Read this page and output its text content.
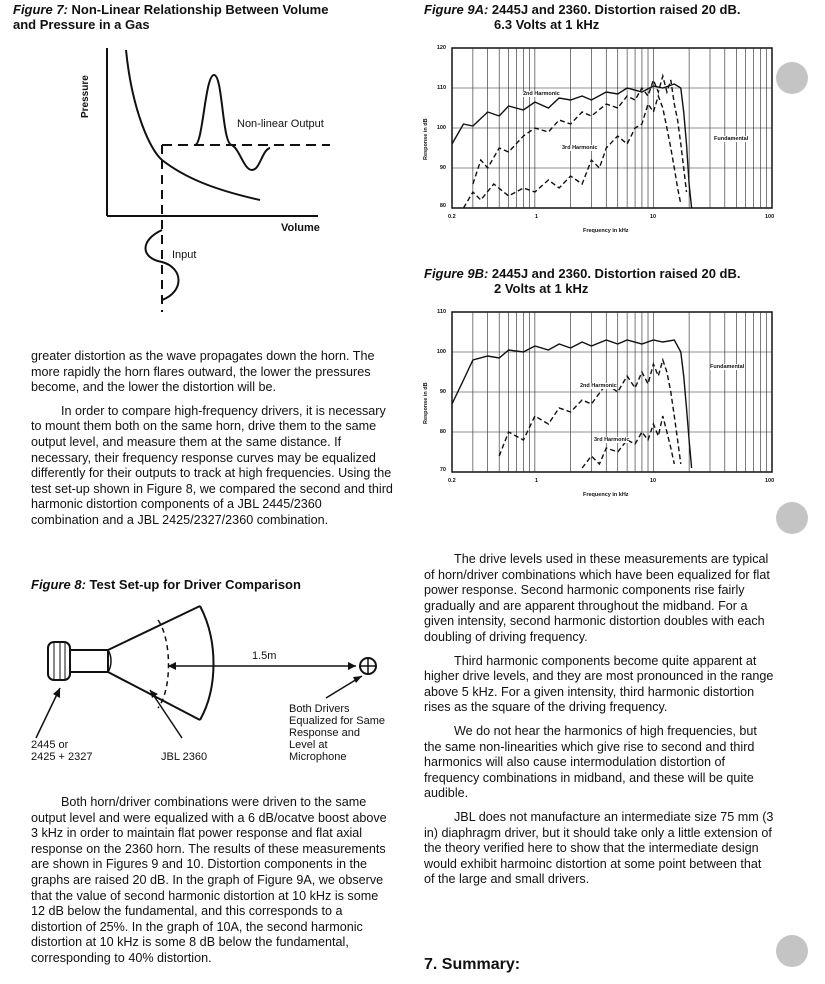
Figure 7: Non-Linear Relationship Between Volume
and Pressure in a Gas
Pressure
Volume
Non-linear Output
Input
Figure 9A: 2445J and 2360. Distortion raised 20 dB.
6.3 Volts at 1 kHz
120
110
100
90
80
0.2	1	10	100
Frequency in kHz
Response in dB
2nd Harmonic
3rd Harmonic
Fundamental
Figure 9B: 2445J and 2360. Distortion raised 20 dB.
2 Volts at 1 kHz
110
100
90
80
70
0.2	1	10	100
Frequency in kHz
Response in dB
Fundamental
2nd Harmonic
3rd Harmonic

greater distortion as the wave propagates down the horn. The more rapidly the horn flares outward, the lower the pressures become, and the lower the distortion will be.

In order to compare high-frequency drivers, it is necessary to mount them both on the same horn, drive them to the same output level, and measure them at the same distance. If necessary, their frequency response curves may be equalized differently for their outputs to track at high frequencies. Using the test set-up shown in Figure 8, we compared the second and third harmonic distortion components of a JBL 2445/2360 combination and a JBL 2425/2327/2360 combination.

Figure 8: Test Set-up for Driver Comparison
1.5m
2445 or
2425 + 2327	JBL 2360
Both Drivers
Equalized for Same
Response and
Level at
Microphone

Both horn/driver combinations were driven to the same output level and were equalized with a 6 dB/ocatve boost above 3 kHz in order to maintain flat power response and flat axial response on the 2360 horn. The results of these measurements are shown in Figures 9 and 10. Distortion components in the graphs are raised 20 dB. In the graph of Figure 9A, we observe that the value of second harmonic distortion at 10 kHz is some 12 dB below the fundamental, and this corresponds to a distortion of 25%. In the graph of 10A, the second harmonic distortion at 10 kHz is some 8 dB below the fundamental, corresponding to 40% distortion.

The drive levels used in these measurements are typical of horn/driver combinations which have been equalized for flat power response. Second harmonic components rise fairly gradually and are apparent throughout the midband. For a given intensity, second harmonic distortion doubles with each doubling of driving frequency.

Third harmonic components become quite apparent at higher drive levels, and they are most pronounced in the range above 5 kHz. For a given intensity, third harmonic distortion rises as the square of the driving frequency.

We do not hear the harmonics of high frequencies, but the same non-linearities which give rise to second and third harmonics will also cause intermodulation distortion of frequency combinations in midband, and these will be quite audible.

JBL does not manufacture an intermediate size 75 mm (3 in) diaphragm driver, but it should take only a little extension of the theory verified here to show that the intermediate design would exhibit harmoinc distortion at some point between that of the large and small drivers.

7. Summary:
